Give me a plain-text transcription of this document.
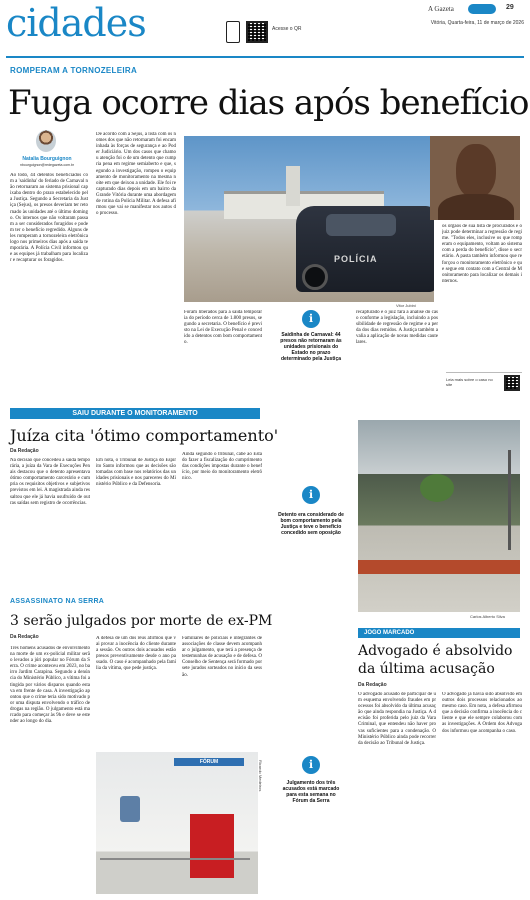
cidades	Acesse o QR
A Gazeta	29
Vitória, Quarta-feira, 11 de março de 2026
ROMPERAM A TORNOZELEIRA
Fuga ocorre dias após benefício
Natalia Bourguignon
nbourguignon@redegazeta.com.br
Ao todo, 44 detentos beneficiados com a 'saidinha' do feriado de Carnaval não retornaram ao sistema prisional capixaba dentro do prazo estabelecido pela Justiça. Segundo a Secretaria da Justiça (Sejus), os presos deveriam ter retornado às unidades até o último domingo. Os internos que não voltaram passam a ser considerados foragidos e podem ter o benefício regredido. Alguns deles romperam a tornozeleira eletrônica logo nos primeiros dias após a saída temporária. A Polícia Civil informou que as equipes já trabalham para localizar e recapturar os foragidos.
De acordo com a Sejus, a lista com os nomes dos que não retornaram foi encaminhada às forças de segurança e ao Poder Judiciário. Um dos casos que chamou atenção foi o de um detento que cumpria pena em regime semiaberto e que, segundo a investigação, rompeu o equipamento de monitoramento na mesma noite em que deixou a unidade. Ele foi recapturado dias depois em um bairro da Grande Vitória durante uma abordagem de rotina da Polícia Militar. A defesa afirmou que vai se manifestar nos autos do processo.
POLÍCIA
Vitor Jubini
os órgãos de sua lista de procurados e o juiz pode determinar a regressão de regime. "Todos eles, inclusive os que romperam o equipamento, voltam ao sistema com a perda do benefício", disse o secretário. A pasta também informou que reforçou o monitoramento eletrônico e que segue em contato com a Central de Monitoramento para localizar os demais internos.
Leia mais sobre o caso no site
Foram liberados para a saída temporária do período cerca de 1.800 presos, segundo a secretaria. O benefício é previsto na Lei de Execução Penal e concedido a detentos com bom comportamento.
ℹ
Saidinha de Carnaval: 44 presos não retornaram às unidades prisionais do Estado no prazo determinado pela Justiça
recapturado e o juiz fará a análise do caso conforme a legislação, incluindo a possibilidade de regressão de regime e a perda dos dias remidos. A Justiça também avalia a aplicação de novas medidas cautelares.
SAIU DURANTE O MONITORAMENTO
Juíza cita 'ótimo comportamento'
Da Redação
Na decisão que concedeu a saída temporária, a juíza da Vara de Execuções Penais destacou que o detento apresentava ótimo comportamento carcerário e cumpria os requisitos objetivos e subjetivos previstos em lei. A magistrada ainda ressaltou que ele já havia usufruído de outras saídas sem registro de ocorrências.
Em nota, o Tribunal de Justiça do Espírito Santo informou que as decisões são tomadas com base nos relatórios das unidades prisionais e nos pareceres do Ministério Público e da Defensoria.
Ainda segundo o tribunal, cabe ao Estado fazer a fiscalização do cumprimento das condições impostas durante o benefício, por meio do monitoramento eletrônico.
ℹ
Detento era considerado de bom comportamento pela Justiça e teve o benefício concedido sem oposição
Carlos Alberto Silva
ASSASSINATO NA SERRA
3 serão julgados por morte de ex-PM
Da Redação
Três homens acusados de envolvimento na morte de um ex-policial militar serão levados a júri popular no Fórum da Serra. O crime aconteceu em 2023, no bairro Jardim Carapina. Segundo a denúncia do Ministério Público, a vítima foi atingida por vários disparos quando estava em frente de casa. A investigação apontou que o crime teria sido motivado por uma disputa envolvendo o tráfico de drogas na região. O julgamento está marcado para começar às 9h e deve se estender ao longo do dia.
A defesa de um dos réus afirmou que vai provar a inocência do cliente durante a sessão. Os outros dois acusados estão presos preventivamente desde o ano passado. O caso é acompanhado pela família da vítima, que pede justiça.
Familiares de policiais e integrantes de associações de classe devem acompanhar o julgamento, que terá a presença de testemunhas de acusação e de defesa. O Conselho de Sentença será formado por sete jurados sorteados no início da sessão.
FÓRUM	Ricardo Medeiros	ℹ
Julgamento dos três acusados está marcado para esta semana no Fórum da Serra
JOGO MARCADO
Advogado é absolvido da última acusação
Da Redação
O advogado acusado de participar de um esquema envolvendo fraudes em processos foi absolvido da última acusação que ainda respondia na Justiça. A decisão foi proferida pelo juiz da Vara Criminal, que entendeu não haver provas suficientes para a condenação. O Ministério Público ainda pode recorrer da decisão ao Tribunal de Justiça.
O advogado já havia sido absolvido em outros dois processos relacionados ao mesmo caso. Em nota, a defesa afirmou que a decisão confirma a inocência do cliente e que ele sempre colaborou com as investigações. A Ordem dos Advogados informou que acompanha o caso.
